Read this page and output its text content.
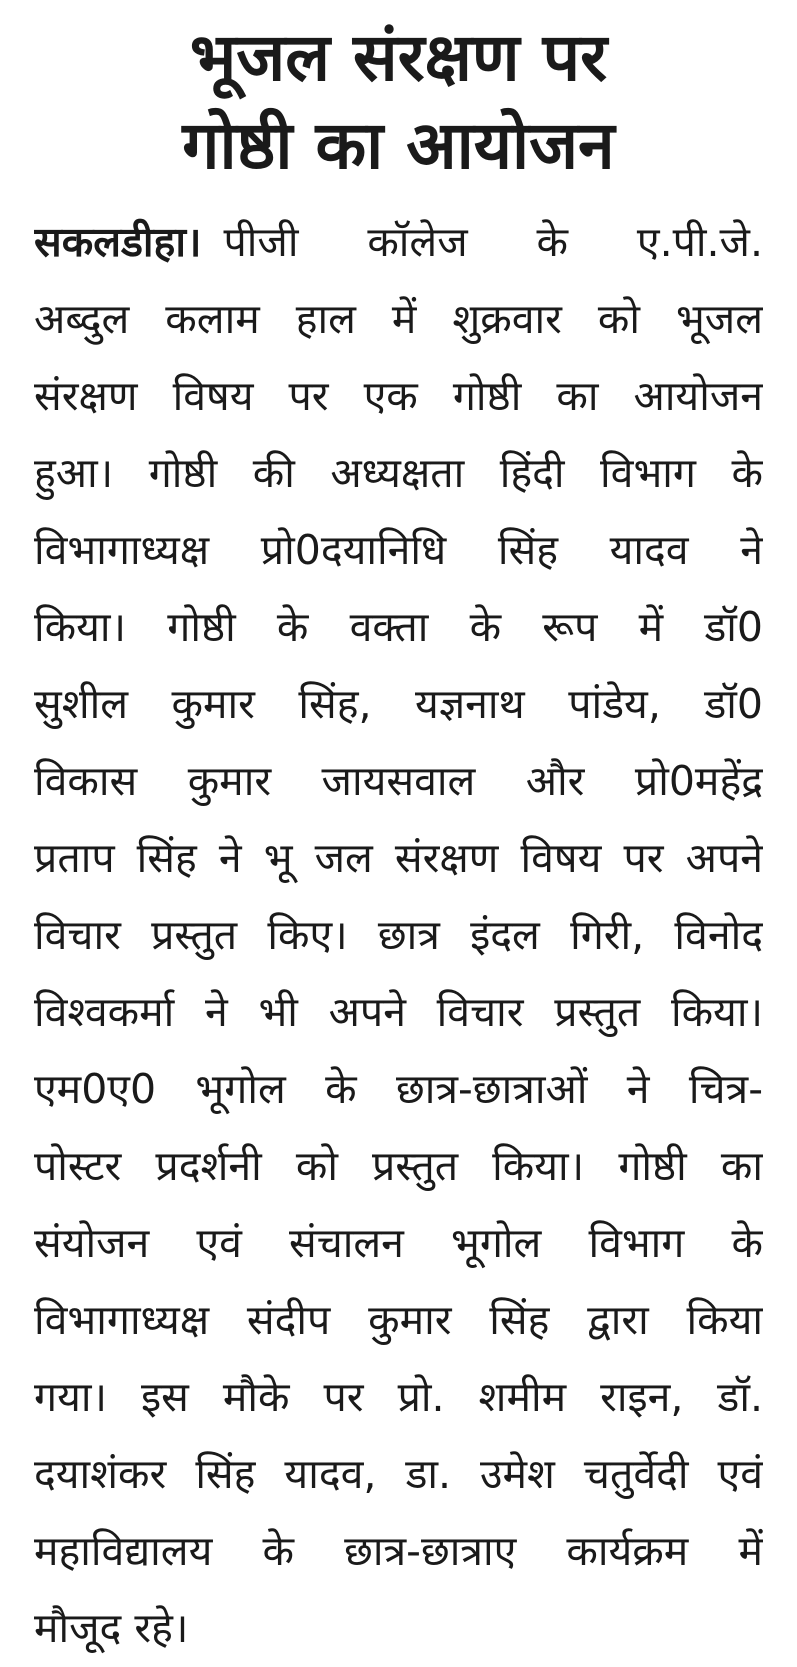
भूजल संरक्षण पर
गोष्ठी का आयोजन
सकलडीहा। पीजी कॉलेज के ए.पी.जे.
अब्दुल कलाम हाल में शुक्रवार को भूजल
संरक्षण विषय पर एक गोष्ठी का आयोजन
हुआ। गोष्ठी की अध्यक्षता हिंदी विभाग के
विभागाध्यक्ष प्रो0दयानिधि सिंह यादव ने
किया। गोष्ठी के वक्ता के रूप में डॉ0
सुशील कुमार सिंह, यज्ञनाथ पांडेय, डॉ0
विकास कुमार जायसवाल और प्रो0महेंद्र
प्रताप सिंह ने भू जल संरक्षण विषय पर अपने
विचार प्रस्तुत किए। छात्र इंदल गिरी, विनोद
विश्वकर्मा ने भी अपने विचार प्रस्तुत किया।
एम0ए0 भूगोल के छात्र-छात्राओं ने चित्र-
पोस्टर प्रदर्शनी को प्रस्तुत किया। गोष्ठी का
संयोजन एवं संचालन भूगोल विभाग के
विभागाध्यक्ष संदीप कुमार सिंह द्वारा किया
गया। इस मौके पर प्रो. शमीम राइन, डॉ.
दयाशंकर सिंह यादव, डा. उमेश चतुर्वेदी एवं
महाविद्यालय के छात्र-छात्राए कार्यक्रम में
मौजूद रहे।
